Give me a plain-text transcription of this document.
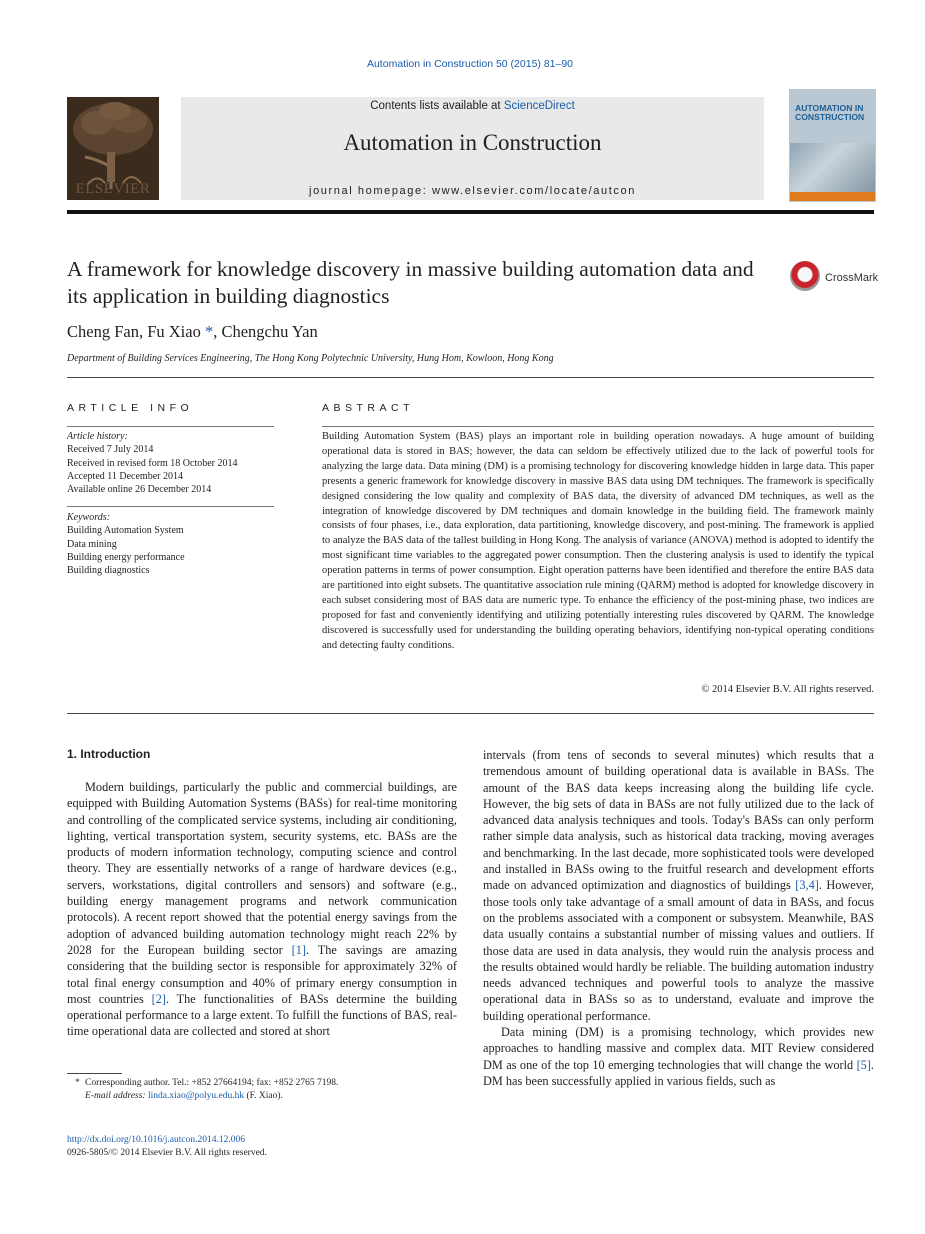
Automation in Construction 50 (2015) 81–90
ELSEVIER
Contents lists available at ScienceDirect
Automation in Construction
journal homepage: www.elsevier.com/locate/autcon
AUTOMATION IN CONSTRUCTION
A framework for knowledge discovery in massive building automation data and its application in building diagnostics
CrossMark
Cheng Fan, Fu Xiao *, Chengchu Yan
Department of Building Services Engineering, The Hong Kong Polytechnic University, Hung Hom, Kowloon, Hong Kong
ARTICLE INFO	ABSTRACT
Article history:
Received 7 July 2014
Received in revised form 18 October 2014
Accepted 11 December 2014
Available online 26 December 2014
Keywords:
Building Automation System
Data mining
Building energy performance
Building diagnostics
Building Automation System (BAS) plays an important role in building operation nowadays. A huge amount of building operational data is stored in BAS; however, the data can seldom be effectively utilized due to the lack of powerful tools for analyzing the large data. Data mining (DM) is a promising technology for discovering knowledge hidden in large data. This paper presents a generic framework for knowledge discovery in massive BAS data using DM techniques. The framework is specifically designed considering the low quality and complexity of BAS data, the diversity of advanced DM techniques, as well as the integration of knowledge discovered by DM techniques and domain knowledge in the building field. The framework mainly consists of four phases, i.e., data exploration, data partitioning, knowledge discovery, and post-mining. The framework is applied to analyze the BAS data of the tallest building in Hong Kong. The analysis of variance (ANOVA) method is adopted to identify the most significant time variables to the aggregated power consumption. Then the clustering analysis is used to identify the typical operation patterns in terms of power consumption. Eight operation patterns have been identified and therefore the entire BAS data are partitioned into eight subsets. The quantitative association rule mining (QARM) method is adopted for knowledge discovery in each subset considering most of BAS data are numeric type. To enhance the efficiency of the post-mining phase, two indices are proposed for fast and conveniently identifying and utilizing potentially interesting rules discovered by QARM. The knowledge discovered is successfully used for understanding the building operating behaviors, identifying non-typical operating conditions and detecting faulty conditions.
© 2014 Elsevier B.V. All rights reserved.
1. Introduction

Modern buildings, particularly the public and commercial buildings, are equipped with Building Automation Systems (BASs) for real-time monitoring and controlling of the complicated service systems, including air conditioning, lighting, vertical transportation system, security systems, etc. BASs are the products of modern information technology, computing science and control theory. They are essentially networks of a range of hardware devices (e.g., servers, workstations, digital controllers and sensors) and software (e.g., building energy management programs and network communication protocols). A recent report showed that the potential energy savings from the adoption of advanced building automation technology might reach 22% by 2028 for the European building sector [1]. The savings are amazing considering that the building sector is responsible for approximately 32% of total final energy consumption and 40% of primary energy consumption in most countries [2]. The functionalities of BASs determine the building operational performance to a large extent. To fulfill the functions of BAS, real-time operational data are collected and stored at short

intervals (from tens of seconds to several minutes) which results that a tremendous amount of building operational data is available in BASs. The amount of the BAS data keeps increasing along the building life cycle. However, the big sets of data in BASs are not fully utilized due to the lack of advanced data analysis techniques and tools. Today's BASs can only perform rather simple data analysis, such as historical data tracking, moving averages and benchmarking. In the last decade, more sophisticated tools were developed and installed in BASs owing to the fruitful research and development efforts made on advanced optimization and diagnostics of buildings [3,4]. However, those tools only take advantage of a small amount of data in BASs, and focus on the problems associated with a component or subsystem. Meanwhile, BAS data usually contains a substantial number of missing values and outliers. If those data are used in data analysis, they would ruin the analysis process and the results obtained would hardly be reliable. The building automation industry needs advanced techniques and powerful tools to analyze the massive operational data in BASs so as to understand, evaluate and improve the building operational performance.

Data mining (DM) is a promising technology, which provides new approaches to handling massive and complex data. MIT Review considered DM as one of the top 10 emerging technologies that will change the world [5]. DM has been successfully applied in various fields, such as

* Corresponding author. Tel.: +852 27664194; fax: +852 2765 7198.
E-mail address: linda.xiao@polyu.edu.hk (F. Xiao).
http://dx.doi.org/10.1016/j.autcon.2014.12.006
0926-5805/© 2014 Elsevier B.V. All rights reserved.
